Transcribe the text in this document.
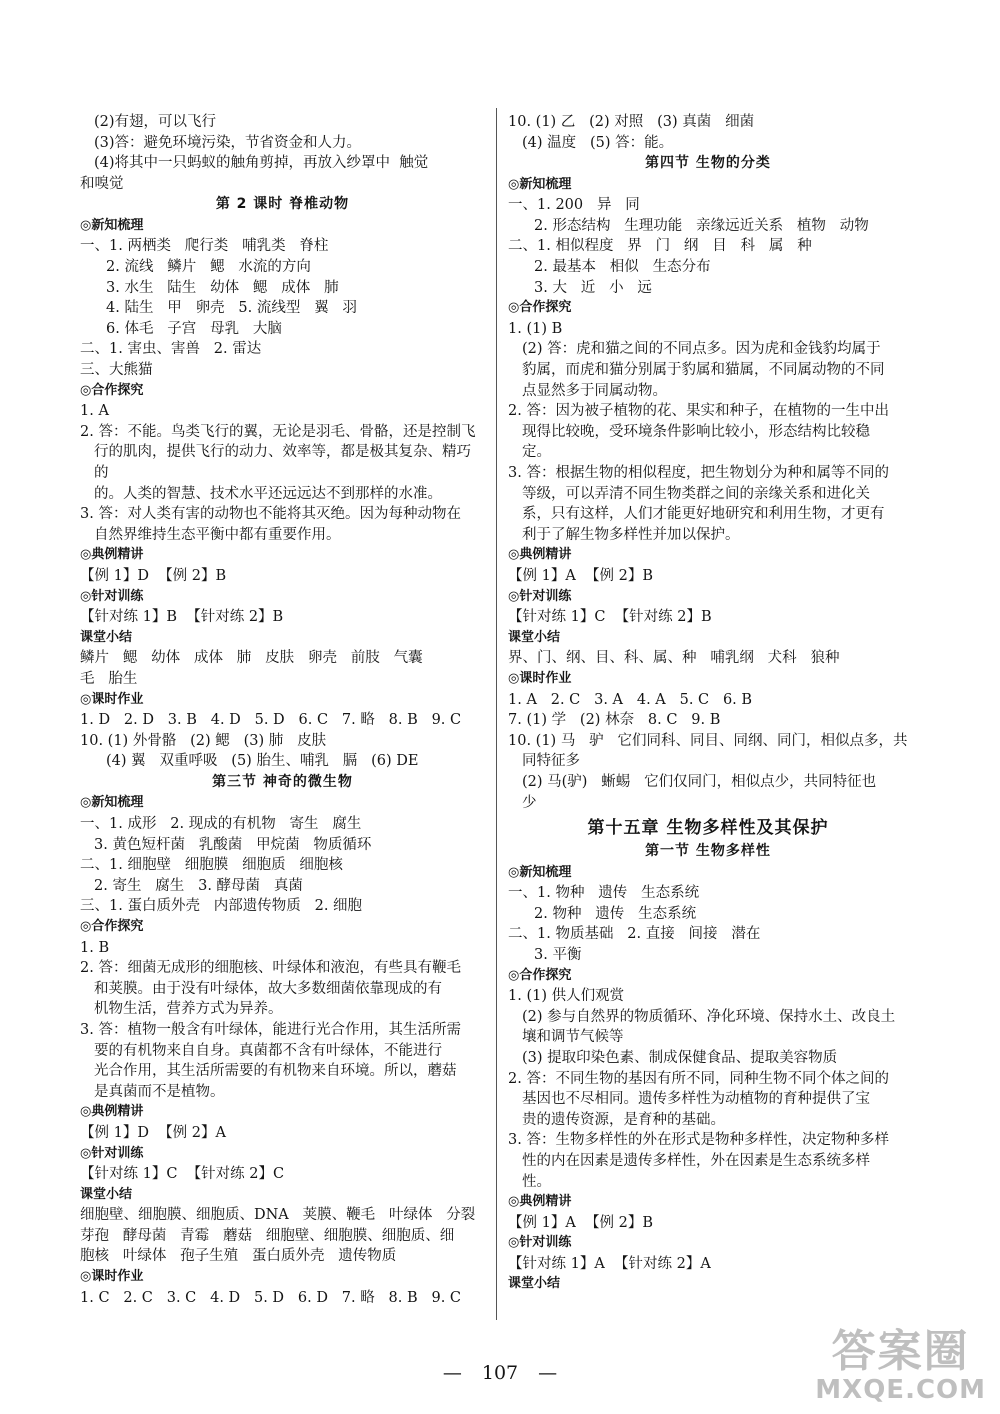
(2)有翅，可以飞行
(3)答：避免环境污染，节省资金和人力。
(4)将其中一只蚂蚁的触角剪掉，再放入纱罩中  触觉
和嗅觉
第 2 课时 脊椎动物
◎新知梳理
一、1. 两栖类   爬行类   哺乳类   脊柱
2. 流线   鳞片   鳃   水流的方向
3. 水生   陆生   幼体   鳃   成体   肺
4. 陆生   甲   卵壳   5. 流线型   翼   羽
6. 体毛   子宫   母乳   大脑
二、1. 害虫、害兽   2. 雷达
三、大熊猫
◎合作探究
1. A
2. 答：不能。鸟类飞行的翼，无论是羽毛、骨骼，还是控制飞
行的肌肉，提供飞行的动力、效率等，都是极其复杂、精巧的
的。人类的智慧、技术水平还远远达不到那样的水准。
3. 答：对人类有害的动物也不能将其灭绝。因为每种动物在
自然界维持生态平衡中都有重要作用。
◎典例精讲
【例 1】D  【例 2】B
◎针对训练
【针对练 1】B  【针对练 2】B
课堂小结
鳞片   鳃   幼体   成体   肺   皮肤   卵壳   前肢   气囊
毛   胎生
◎课时作业
1. D   2. D   3. B   4. D   5. D   6. C   7. 略   8. B   9. C
10. (1) 外骨骼   (2) 鳃   (3) 肺   皮肤
(4) 翼   双重呼吸   (5) 胎生、哺乳   膈   (6) DE
第三节 神奇的微生物
◎新知梳理
一、1. 成形   2. 现成的有机物   寄生   腐生
3. 黄色短杆菌   乳酸菌   甲烷菌   物质循环
二、1. 细胞壁   细胞膜   细胞质   细胞核
2. 寄生   腐生   3. 酵母菌   真菌
三、1. 蛋白质外壳   内部遗传物质   2. 细胞
◎合作探究
1. B
2. 答：细菌无成形的细胞核、叶绿体和液泡，有些具有鞭毛
和荚膜。由于没有叶绿体，故大多数细菌依靠现成的有
机物生活，营养方式为异养。
3. 答：植物一般含有叶绿体，能进行光合作用，其生活所需
要的有机物来自自身。真菌都不含有叶绿体，不能进行
光合作用，其生活所需要的有机物来自环境。所以，蘑菇
是真菌而不是植物。
◎典例精讲
【例 1】D  【例 2】A
◎针对训练
【针对练 1】C  【针对练 2】C
课堂小结
细胞壁、细胞膜、细胞质、DNA   荚膜、鞭毛   叶绿体   分裂
芽孢   酵母菌   青霉   蘑菇   细胞壁、细胞膜、细胞质、细
胞核   叶绿体   孢子生殖   蛋白质外壳   遗传物质
◎课时作业
1. C   2. C   3. C   4. D   5. D   6. D   7. 略   8. B   9. C
10. (1) 乙   (2) 对照   (3) 真菌   细菌
(4) 温度   (5) 答：能。
第四节 生物的分类
◎新知梳理
一、1. 200   异   同
2. 形态结构   生理功能   亲缘远近关系   植物   动物
二、1. 相似程度   界   门   纲   目   科   属   种
2. 最基本   相似   生态分布
3. 大   近   小   远
◎合作探究
1. (1) B
(2) 答：虎和猫之间的不同点多。因为虎和金钱豹均属于
豹属，而虎和猫分别属于豹属和猫属，不同属动物的不同
点显然多于同属动物。
2. 答：因为被子植物的花、果实和种子，在植物的一生中出
现得比较晚，受环境条件影响比较小，形态结构比较稳
定。
3. 答：根据生物的相似程度，把生物划分为种和属等不同的
等级，可以弄清不同生物类群之间的亲缘关系和进化关
系，只有这样，人们才能更好地研究和利用生物，才更有
利于了解生物多样性并加以保护。
◎典例精讲
【例 1】A  【例 2】B
◎针对训练
【针对练 1】C  【针对练 2】B
课堂小结
界、门、纲、目、科、属、种   哺乳纲   犬科   狼种
◎课时作业
1. A   2. C   3. A   4. A   5. C   6. B
7. (1) 学   (2) 林奈   8. C   9. B
10. (1) 马   驴   它们同科、同目、同纲、同门，相似点多，共
同特征多
(2) 马(驴)   蜥蜴   它们仅同门，相似点少，共同特征也
少
第十五章 生物多样性及其保护
第一节 生物多样性
◎新知梳理
一、1. 物种   遗传   生态系统
2. 物种   遗传   生态系统
二、1. 物质基础   2. 直接   间接   潜在
3. 平衡
◎合作探究
1. (1) 供人们观赏
(2) 参与自然界的物质循环、净化环境、保持水土、改良土
壤和调节气候等
(3) 提取印染色素、制成保健食品、提取美容物质
2. 答：不同生物的基因有所不同，同种生物不同个体之间的
基因也不尽相同。遗传多样性为动植物的育种提供了宝
贵的遗传资源，是育种的基础。
3. 答：生物多样性的外在形式是物种多样性，决定物种多样
性的内在因素是遗传多样性，外在因素是生态系统多样
性。
◎典例精讲
【例 1】A  【例 2】B
◎针对训练
【针对练 1】A  【针对练 2】A
课堂小结
— 107 —	答案圈
MXQE.COM
